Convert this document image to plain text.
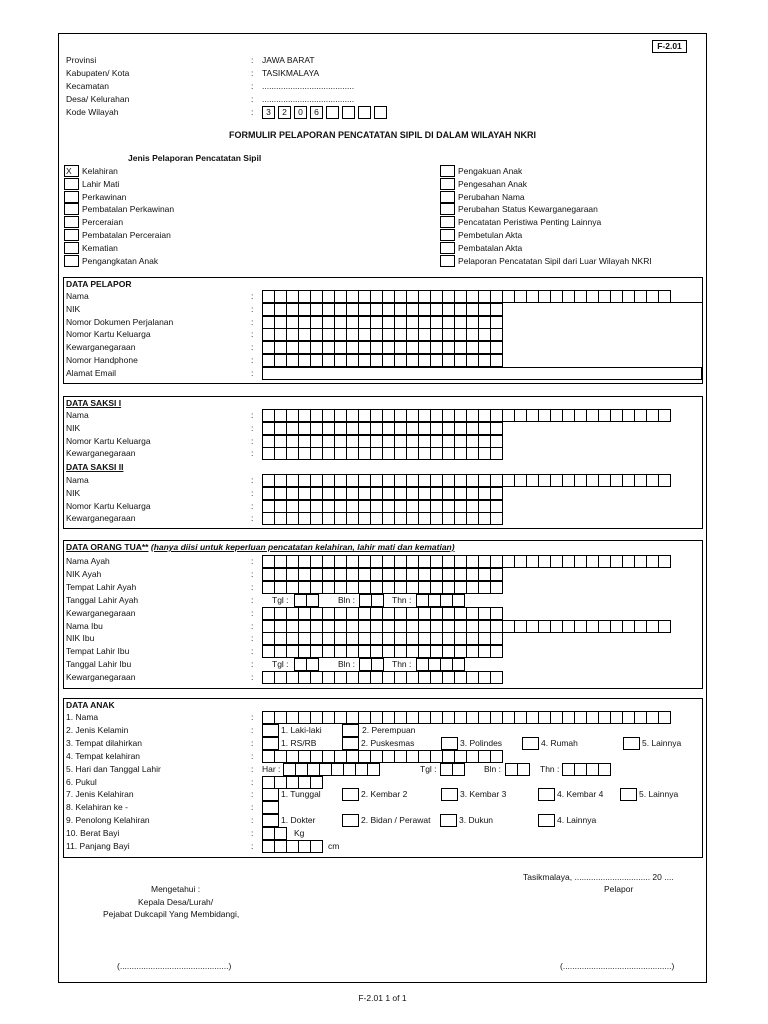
F-2.01
Provinsi	: JAWA BARAT
Kabupaten/ Kota	: TASIKMALAYA
Kecamatan	: .......................................
Desa/ Kelurahan	: .......................................
Kode Wilayah	:	3	2	0	6
FORMULIR PELAPORAN PENCATATAN SIPIL DI DALAM WILAYAH NKRI
Jenis Pelaporan Pencatatan Sipil
X Kelahiran
Lahir Mati
Perkawinan
Pembatalan Perkawinan
Perceraian
Pembatalan Perceraian
Kematian
Pengangkatan Anak
Pengakuan Anak
Pengesahan Anak
Perubahan Nama
Perubahan Status Kewarganegaraan
Pencatatan Peristiwa Penting Lainnya
Pembetulan Akta
Pembatalan Akta
Pelaporan Pencatatan Sipil dari Luar Wilayah NKRI
DATA PELAPOR
Nama	:
NIK	:
Nomor Dokumen Perjalanan	:
Nomor Kartu Keluarga	:
Kewarganegaraan	:
Nomor Handphone	:
Alamat Email	:
DATA SAKSI I
DATA SAKSI II
Nama	:
NIK	:
Nomor Kartu Keluarga	:
Kewarganegaraan	:
Nama	:
NIK	:
Nomor Kartu Keluarga	:
Kewarganegaraan	:
DATA ORANG TUA** (hanya diisi untuk keperluan pencatatan kelahiran, lahir mati dan kematian)
Nama Ayah	:
NIK Ayah	:
Tempat Lahir Ayah	:
Tanggal Lahir Ayah	: Tgl :	Bln :	Thn :
Kewarganegaraan	:
Nama Ibu	:
NIK Ibu	:
Tempat Lahir Ibu	:
Tanggal Lahir Ibu	: Tgl :	Bln :	Thn :
Kewarganegaraan	:
DATA ANAK
1. Nama	:
2. Jenis Kelamin	:	1. Laki-laki	2. Perempuan
3. Tempat dilahirkan	:	1. RS/RB	2. Puskesmas	3. Polindes	4. Rumah	5. Lainnya
4. Tempat kelahiran	:
5. Hari dan Tanggal Lahir	: Har :	Tgl :	Bln :	Thn :
6. Pukul	:
7. Jenis Kelahiran	:	1. Tunggal	2. Kembar 2	3. Kembar 3	4. Kembar 4	5. Lainnya
8. Kelahiran ke -	:
9. Penolong Kelahiran	:	1. Dokter	2. Bidan / Perawat	3. Dukun	4. Lainnya
10. Berat Bayi	:	Kg
11. Panjang Bayi	:	cm
Tasikmalaya, ................................ 20 ....
Pelapor
Mengetahui :
Kepala Desa/Lurah/
Pejabat Dukcapil Yang Membidangi,
(..............................................)	(..............................................)
F-2.01 1 of 1
